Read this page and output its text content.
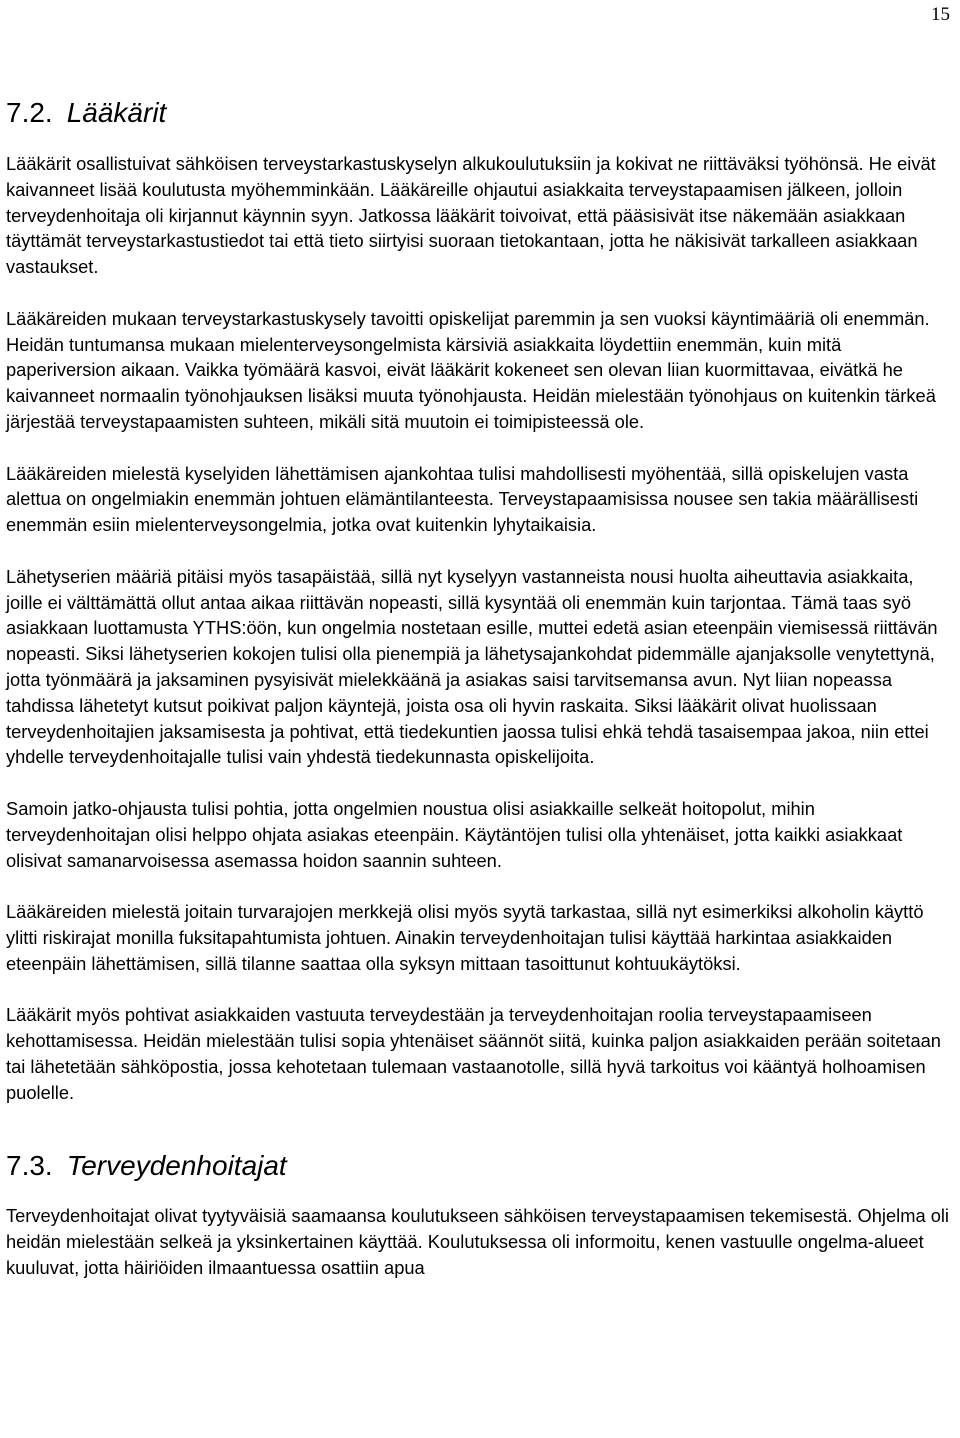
15
7.2. Lääkärit

Lääkärit osallistuivat sähköisen terveystarkastuskyselyn alkukoulutuksiin ja kokivat ne riittäväksi työhönsä. He eivät kaivanneet lisää koulutusta myöhemminkään. Lääkäreille ohjautui asiakkaita terveystapaamisen jälkeen, jolloin terveydenhoitaja oli kirjannut käynnin syyn. Jatkossa lääkärit toivoivat, että pääsisivät itse näkemään asiakkaan täyttämät terveystarkastustiedot tai että tieto siirtyisi suoraan tietokantaan, jotta he näkisivät tarkalleen asiakkaan vastaukset.

Lääkäreiden mukaan terveystarkastuskysely tavoitti opiskelijat paremmin ja sen vuoksi käyntimääriä oli enemmän. Heidän tuntumansa mukaan mielenterveysongelmista kärsiviä asiakkaita löydettiin enemmän, kuin mitä paperiversion aikaan. Vaikka työmäärä kasvoi, eivät lääkärit kokeneet sen olevan liian kuormittavaa, eivätkä he kaivanneet normaalin työnohjauksen lisäksi muuta työnohjausta. Heidän mielestään työnohjaus on kuitenkin tärkeä järjestää terveystapaamisten suhteen, mikäli sitä muutoin ei toimipisteessä ole.

Lääkäreiden mielestä kyselyiden lähettämisen ajankohtaa tulisi mahdollisesti myöhentää, sillä opiskelujen vasta alettua on ongelmiakin enemmän johtuen elämäntilanteesta. Terveystapaamisissa nousee sen takia määrällisesti enemmän esiin mielenterveysongelmia, jotka ovat kuitenkin lyhytaikaisia.

Lähetyserien määriä pitäisi myös tasapäistää, sillä nyt kyselyyn vastanneista nousi huolta aiheuttavia asiakkaita, joille ei välttämättä ollut antaa aikaa riittävän nopeasti, sillä kysyntää oli enemmän kuin tarjontaa. Tämä taas syö asiakkaan luottamusta YTHS:öön, kun ongelmia nostetaan esille, muttei edetä asian eteenpäin viemisessä riittävän nopeasti. Siksi lähetyserien kokojen tulisi olla pienempiä ja lähetysajankohdat pidemmälle ajanjaksolle venytettynä, jotta työnmäärä ja jaksaminen pysyisivät mielekkäänä ja asiakas saisi tarvitsemansa avun. Nyt liian nopeassa tahdissa lähetetyt kutsut poikivat paljon käyntejä, joista osa oli hyvin raskaita. Siksi lääkärit olivat huolissaan terveydenhoitajien jaksamisesta ja pohtivat, että tiedekuntien jaossa tulisi ehkä tehdä tasaisempaa jakoa, niin ettei yhdelle terveydenhoitajalle tulisi vain yhdestä tiedekunnasta opiskelijoita.

Samoin jatko-ohjausta tulisi pohtia, jotta ongelmien noustua olisi asiakkaille selkeät hoitopolut, mihin terveydenhoitajan olisi helppo ohjata asiakas eteenpäin. Käytäntöjen tulisi olla yhtenäiset, jotta kaikki asiakkaat olisivat samanarvoisessa asemassa hoidon saannin suhteen.

Lääkäreiden mielestä joitain turvarajojen merkkejä olisi myös syytä tarkastaa, sillä nyt esimerkiksi alkoholin käyttö ylitti riskirajat monilla fuksitapahtumista johtuen. Ainakin terveydenhoitajan tulisi käyttää harkintaa asiakkaiden eteenpäin lähettämisen, sillä tilanne saattaa olla syksyn mittaan tasoittunut kohtuukäytöksi.

Lääkärit myös pohtivat asiakkaiden vastuuta terveydestään ja terveydenhoitajan roolia terveystapaamiseen kehottamisessa. Heidän mielestään tulisi sopia yhtenäiset säännöt siitä, kuinka paljon asiakkaiden perään soitetaan tai lähetetään sähköpostia, jossa kehotetaan tulemaan vastaanotolle, sillä hyvä tarkoitus voi kääntyä holhoamisen puolelle.

7.3. Terveydenhoitajat

Terveydenhoitajat olivat tyytyväisiä saamaansa koulutukseen sähköisen terveystapaamisen tekemisestä. Ohjelma oli heidän mielestään selkeä ja yksinkertainen käyttää. Koulutuksessa oli informoitu, kenen vastuulle ongelma-alueet kuuluvat, jotta häiriöiden ilmaantuessa osattiin apua
